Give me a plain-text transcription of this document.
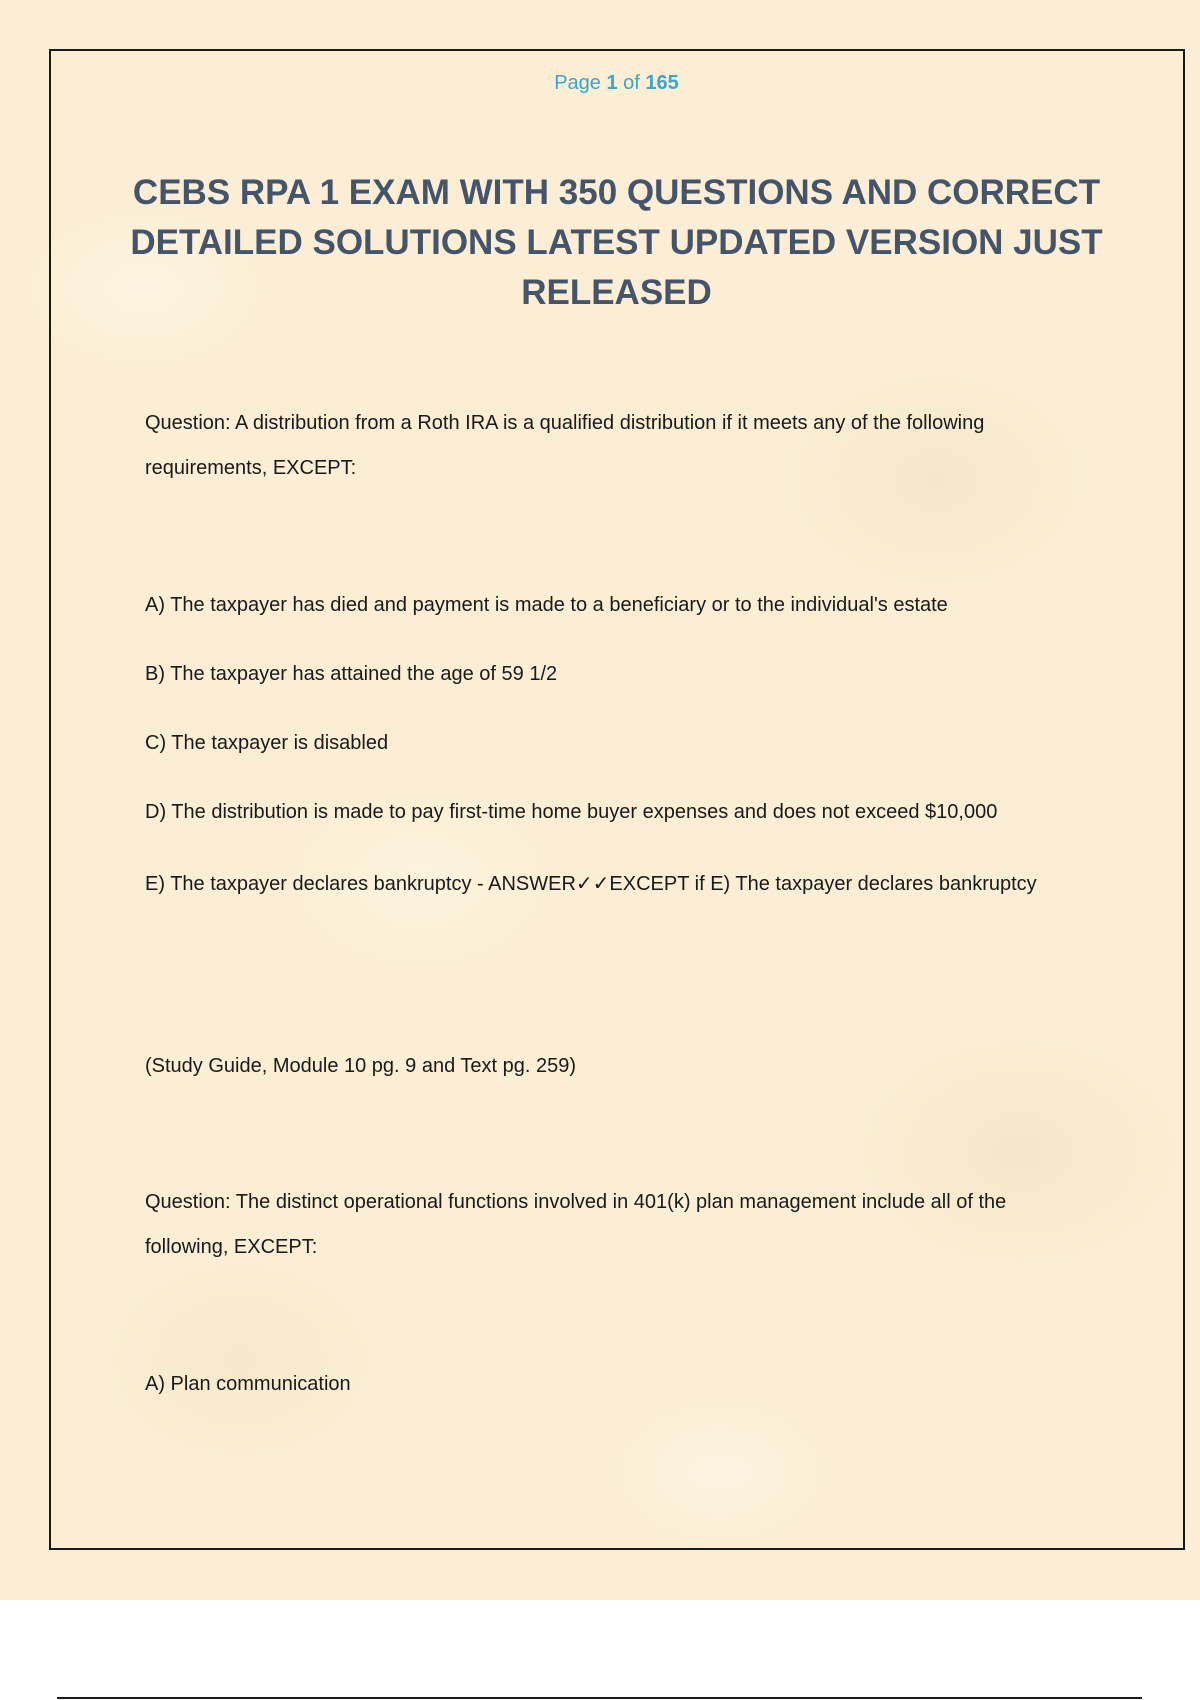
Page 1 of 165
CEBS RPA 1 EXAM WITH 350 QUESTIONS AND CORRECT DETAILED SOLUTIONS LATEST UPDATED VERSION JUST RELEASED
Question: A distribution from a Roth IRA is a qualified distribution if it meets any of the following requirements, EXCEPT:
A) The taxpayer has died and payment is made to a beneficiary or to the individual's estate
B) The taxpayer has attained the age of 59 1/2
C) The taxpayer is disabled
D) The distribution is made to pay first-time home buyer expenses and does not exceed $10,000
E) The taxpayer declares bankruptcy - ANSWER✓✓EXCEPT if E) The taxpayer declares bankruptcy
(Study Guide, Module 10 pg. 9 and Text pg. 259)
Question: The distinct operational functions involved in 401(k) plan management include all of the following, EXCEPT:
A) Plan communication
